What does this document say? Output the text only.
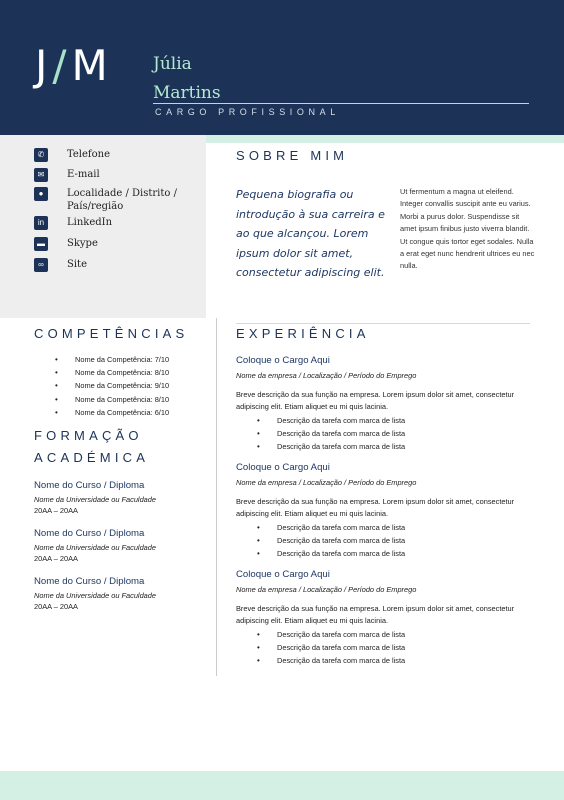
J/M	Júlia
Martins
CARGO PROFISSIONAL
✆	Telefone
✉	E-mail
●	Localidade / Distrito / País/região
in	LinkedIn
▬	Skype
∞	Site
SOBRE MIM
Pequena biografia ou introdução à sua carreira e ao que alcançou. Lorem ipsum dolor sit amet, consectetur adipiscing elit.
Ut fermentum a magna ut eleifend. Integer convallis suscipit ante eu varius. Morbi a purus dolor. Suspendisse sit amet ipsum finibus justo viverra blandit. Ut congue quis tortor eget sodales. Nulla a erat eget nunc hendrerit ultrices eu nec nulla.
COMPETÊNCIAS
• Nome da Competência: 7/10
• Nome da Competência: 8/10
• Nome da Competência: 9/10
• Nome da Competência: 8/10
• Nome da Competência: 6/10
FORMAÇÃO
ACADÉMICA
Nome do Curso / Diploma
Nome da Universidade ou Faculdade
20AA – 20AA
Nome do Curso / Diploma
Nome da Universidade ou Faculdade
20AA – 20AA
Nome do Curso / Diploma
Nome da Universidade ou Faculdade
20AA – 20AA
EXPERIÊNCIA
Coloque o Cargo Aqui
Nome da empresa / Localização / Período do Emprego
Breve descrição da sua função na empresa. Lorem ipsum dolor sit amet, consectetur adipiscing elit. Etiam aliquet eu mi quis lacinia.
• Descrição da tarefa com marca de lista
• Descrição da tarefa com marca de lista
• Descrição da tarefa com marca de lista
Coloque o Cargo Aqui
Nome da empresa / Localização / Período do Emprego
Breve descrição da sua função na empresa. Lorem ipsum dolor sit amet, consectetur adipiscing elit. Etiam aliquet eu mi quis lacinia.
• Descrição da tarefa com marca de lista
• Descrição da tarefa com marca de lista
• Descrição da tarefa com marca de lista
Coloque o Cargo Aqui
Nome da empresa / Localização / Período do Emprego
Breve descrição da sua função na empresa. Lorem ipsum dolor sit amet, consectetur adipiscing elit. Etiam aliquet eu mi quis lacinia.
• Descrição da tarefa com marca de lista
• Descrição da tarefa com marca de lista
• Descrição da tarefa com marca de lista
